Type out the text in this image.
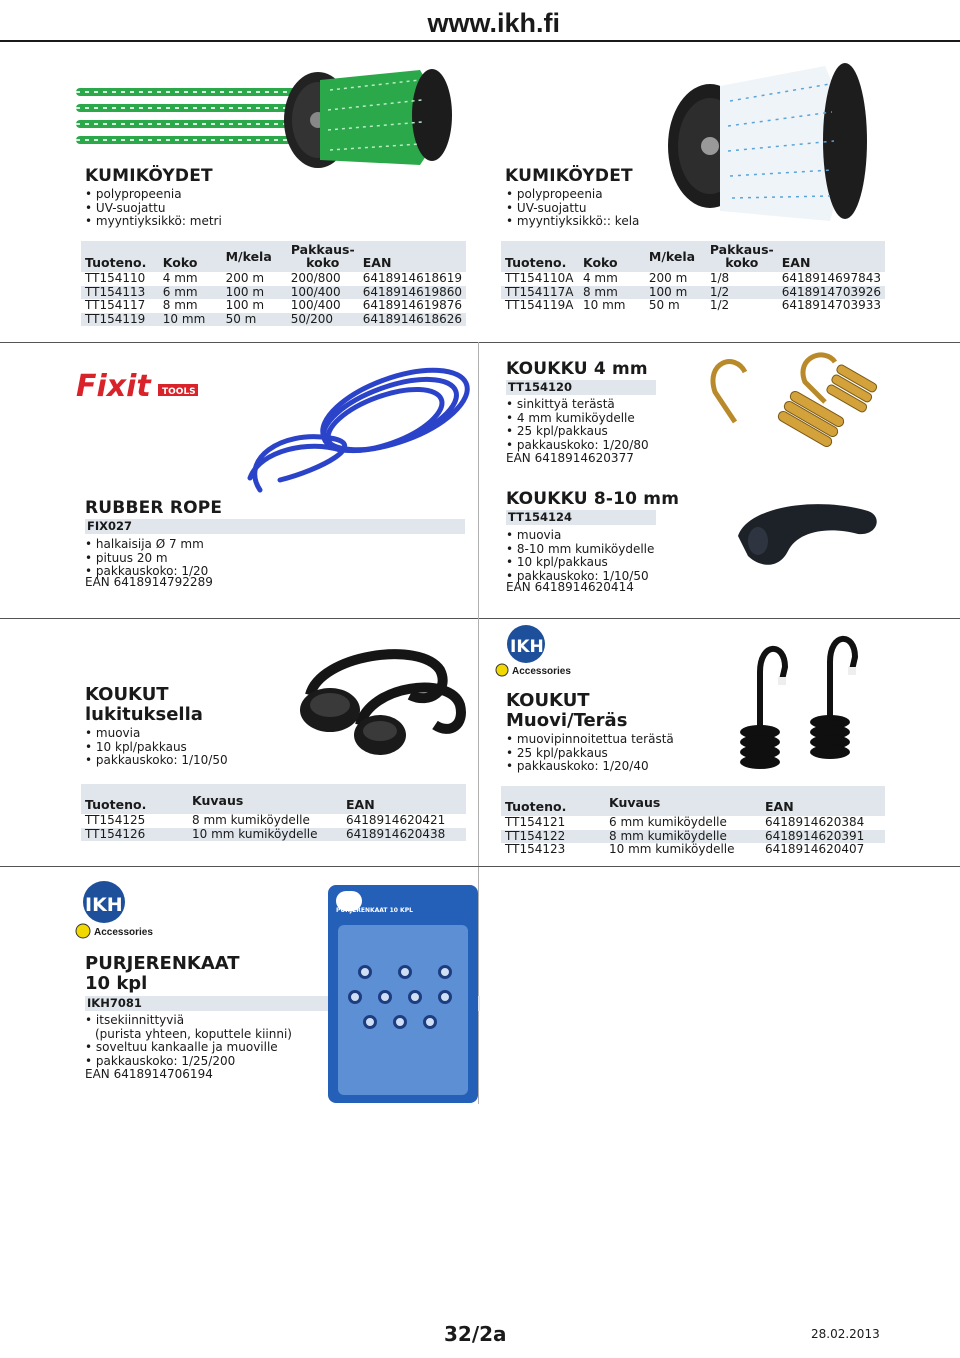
www.ikh.fi
KUMIKÖYDET
• polypropeenia
• UV-suojattu
• myyntiyksikkö: metri
Tuoteno.	Koko	M/kela	Pakkaus-
koko	EAN
TT154110	4 mm	200 m	200/800	6418914618619
TT154113	6 mm	100 m	100/400	6418914619860
TT154117	8 mm	100 m	100/400	6418914619876
TT154119	10 mm	50 m	50/200	6418914618626
KUMIKÖYDET
• polypropeenia
• UV-suojattu
• myyntiyksikkö:: kela
Tuoteno.	Koko	M/kela	Pakkaus-
koko	EAN
TT154110A	4 mm	200 m	1/8	6418914697843
TT154117A	8 mm	100 m	1/2	6418914703926
TT154119A	10 mm	50 m	1/2	6418914703933
Fixit TOOLS
RUBBER ROPE
FIX027
• halkaisija Ø 7 mm
• pituus 20 m
• pakkauskoko: 1/20
EAN 6418914792289
KOUKKU 4 mm
TT154120
• sinkittyä terästä
• 4 mm kumiköydelle
• 25 kpl/pakkaus
• pakkauskoko: 1/20/80
EAN 6418914620377
KOUKKU 8-10 mm
TT154124
• muovia
• 8-10 mm kumiköydelle
• 10 kpl/pakkaus
• pakkauskoko: 1/10/50
EAN 6418914620414
KOUKUT
lukituksella
• muovia
• 10 kpl/pakkaus
• pakkauskoko: 1/10/50
Tuoteno.	Kuvaus	EAN
TT154125	8 mm kumiköydelle	6418914620421
TT154126	10 mm kumiköydelle	6418914620438
IKH
Accessories
KOUKUT
Muovi/Teräs
• muovipinnoitettua terästä
• 25 kpl/pakkaus
• pakkauskoko: 1/20/40
Tuoteno.	Kuvaus	EAN
TT154121	6 mm kumiköydelle	6418914620384
TT154122	8 mm kumiköydelle	6418914620391
TT154123	10 mm kumiköydelle	6418914620407
IKH
Accessories
PURJERENKAAT
10 kpl
IKH7081
• itsekiinnittyviä
(purista yhteen, koputtele kiinni)
• soveltuu kankaalle ja muoville
• pakkauskoko: 1/25/200
EAN 6418914706194
PURJERENKAAT 10 KPL
32/2a	28.02.2013
